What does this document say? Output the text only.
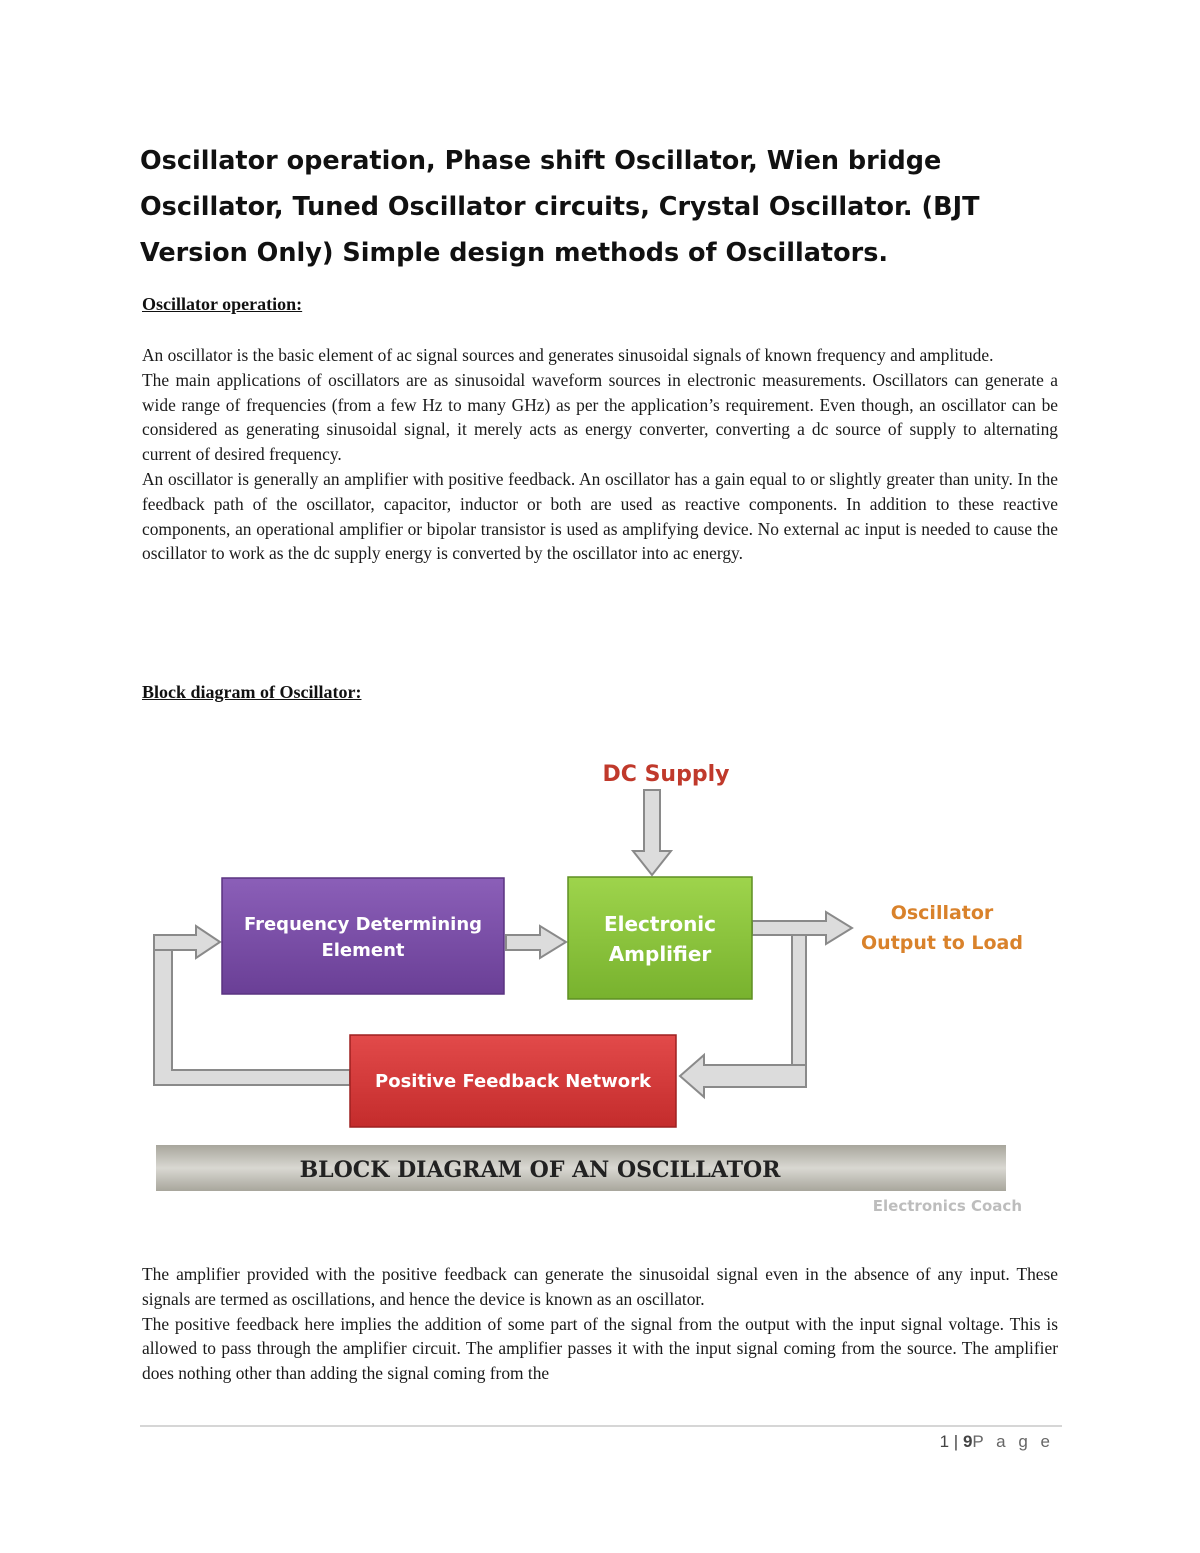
Oscillator operation, Phase shift Oscillator, Wien bridge Oscillator, Tuned Oscillator circuits, Crystal Oscillator. (BJT Version Only) Simple design methods of Oscillators.
Oscillator operation:

An oscillator is the basic element of ac signal sources and generates sinusoidal signals of known frequency and amplitude.

The main applications of oscillators are as sinusoidal waveform sources in electronic measurements. Oscillators can generate a wide range of frequencies (from a few Hz to many GHz) as per the application’s requirement. Even though, an oscillator can be considered as generating sinusoidal signal, it merely acts as energy converter, converting a dc source of supply to alternating current of desired frequency.

An oscillator is generally an amplifier with positive feedback. An oscillator has a gain equal to or slightly greater than unity. In the feedback path of the oscillator, capacitor, inductor or both are used as reactive components. In addition to these reactive components, an operational amplifier or bipolar transistor is used as amplifying device. No external ac input is needed to cause the oscillator to work as the dc supply energy is converted by the oscillator into ac energy.

Block diagram of Oscillator:
DC Supply
Frequency Determining
Element
Electronic
Amplifier
Oscillator
Output to Load
Positive Feedback Network
BLOCK DIAGRAM OF AN OSCILLATOR
Electronics Coach

The amplifier provided with the positive feedback can generate the sinusoidal signal even in the absence of any input. These signals are termed as oscillations, and hence the device is known as an oscillator.

The positive feedback here implies the addition of some part of the signal from the output with the input signal voltage. This is allowed to pass through the amplifier circuit. The amplifier passes it with the input signal coming from the source. The amplifier does nothing other than adding the signal coming from the

1 | 9P a g e
